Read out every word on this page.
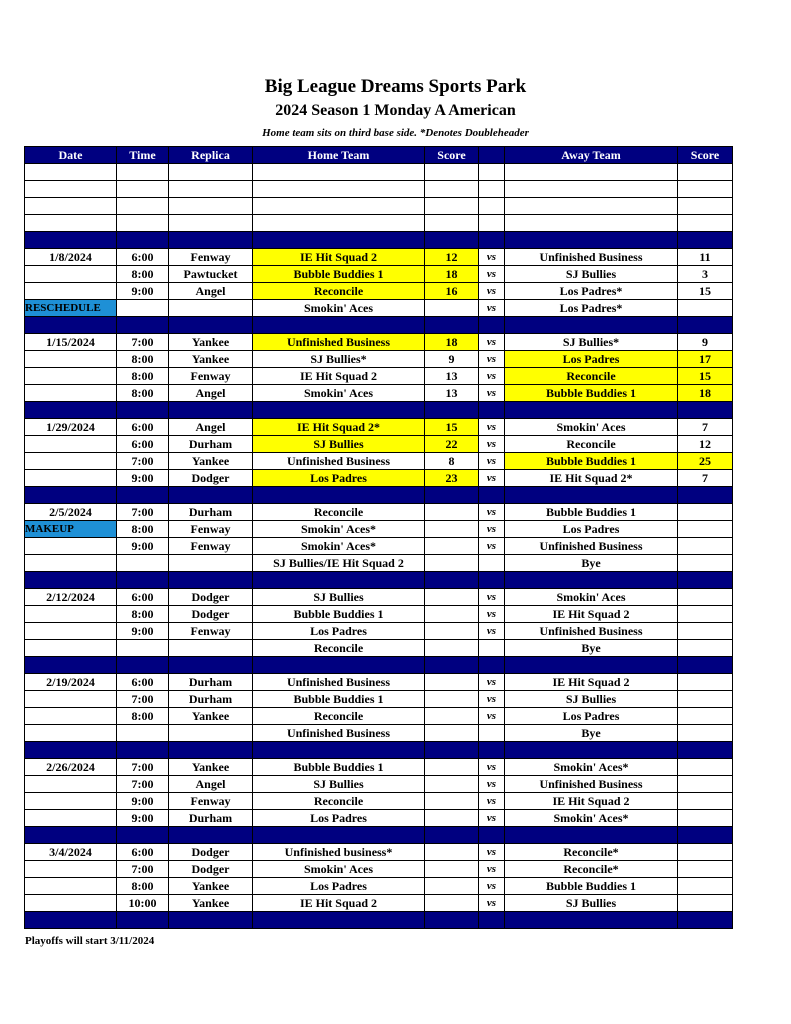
Big League Dreams Sports Park
2024 Season 1 Monday A American
Home team sits on third base side. *Denotes Doubleheader
Date	Time	Replica	Home Team	Score		Away Team	Score

1/8/2024	6:00	Fenway	IE Hit Squad 2	12	vs	Unfinished Business	11
	8:00	Pawtucket	Bubble Buddies 1	18	vs	SJ Bullies	3
	9:00	Angel	Reconcile	16	vs	Los Padres*	15
RESCHEDULE			Smokin' Aces		vs	Los Padres*	

1/15/2024	7:00	Yankee	Unfinished Business	18	vs	SJ Bullies*	9
	8:00	Yankee	SJ Bullies*	9	vs	Los Padres	17
	8:00	Fenway	IE Hit Squad 2	13	vs	Reconcile	15
	8:00	Angel	Smokin' Aces	13	vs	Bubble Buddies 1	18

1/29/2024	6:00	Angel	IE Hit Squad 2*	15	vs	Smokin' Aces	7
	6:00	Durham	SJ Bullies	22	vs	Reconcile	12
	7:00	Yankee	Unfinished Business	8	vs	Bubble Buddies 1	25
	9:00	Dodger	Los Padres	23	vs	IE Hit Squad 2*	7

2/5/2024	7:00	Durham	Reconcile		vs	Bubble Buddies 1	
MAKEUP	8:00	Fenway	Smokin' Aces*		vs	Los Padres	
	9:00	Fenway	Smokin' Aces*		vs	Unfinished Business	
			SJ Bullies/IE Hit Squad 2			Bye	

2/12/2024	6:00	Dodger	SJ Bullies		vs	Smokin' Aces	
	8:00	Dodger	Bubble Buddies 1		vs	IE Hit Squad 2	
	9:00	Fenway	Los Padres		vs	Unfinished Business	
			Reconcile			Bye	

2/19/2024	6:00	Durham	Unfinished Business		vs	IE Hit Squad 2	
	7:00	Durham	Bubble Buddies 1		vs	SJ Bullies	
	8:00	Yankee	Reconcile		vs	Los Padres	
			Unfinished Business			Bye	

2/26/2024	7:00	Yankee	Bubble Buddies 1		vs	Smokin' Aces*	
	7:00	Angel	SJ Bullies		vs	Unfinished Business	
	9:00	Fenway	Reconcile		vs	IE Hit Squad 2	
	9:00	Durham	Los Padres		vs	Smokin' Aces*	

3/4/2024	6:00	Dodger	Unfinished business*		vs	Reconcile*	
	7:00	Dodger	Smokin' Aces		vs	Reconcile*	
	8:00	Yankee	Los Padres		vs	Bubble Buddies 1	
	10:00	Yankee	IE Hit Squad 2		vs	SJ Bullies	

Playoffs will start 3/11/2024
